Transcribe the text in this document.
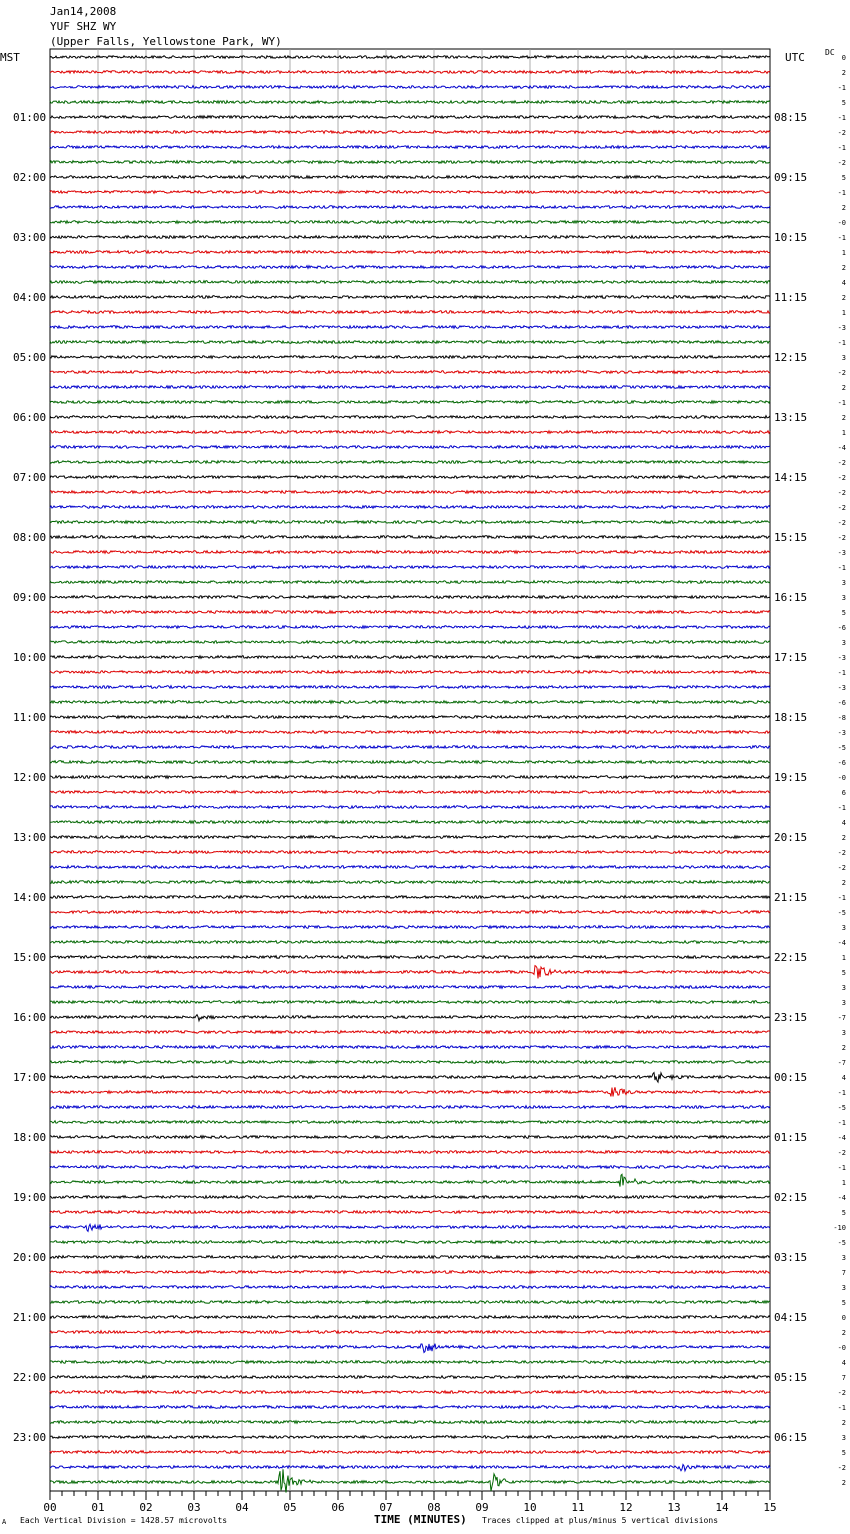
Jan14,2008
YUF SHZ WY
(Upper Falls, Yellowstone Park, WY)
MST	UTC	DC
01:00
02:00
03:00
04:00
05:00
06:00
07:00
08:00
09:00
10:00
11:00
12:00
13:00
14:00
15:00
16:00
17:00
18:00
19:00
20:00
21:00
22:00
23:00
08:15
09:15
10:15
11:15
12:15
13:15
14:15
15:15
16:15
17:15
18:15
19:15
20:15
21:15
22:15
23:15
00:15
01:15
02:15
03:15
04:15
05:15
06:15
0
2
-1
5
-1
-2
-1
-2
5
-1
2
-0
-1
1
2
4
2
1
-3
-1
3
-2
2
-1
2
1
-4
-2
-2
-2
-2
-2
-2
-3
-1
3
3
5
-6
3
-3
-1
-3
-6
-8
-3
-5
-6
-0
6
-1
4
2
-2
-2
2
-1
-5
3
-4
1
5
3
3
-7
3
2
-7
4
-1
-5
-1
-4
-2
-1
1
-4
5
-10
-5
3
7
3
5
0
2
-0
4
7
-2
-1
2
3
5
-2
2
00	01	02	03	04	05	06	07	08	09	10	11	12	13	14	15
A Each Vertical Division = 1428.57 microvolts	TIME (MINUTES) Traces clipped at plus/minus 5 vertical divisions
